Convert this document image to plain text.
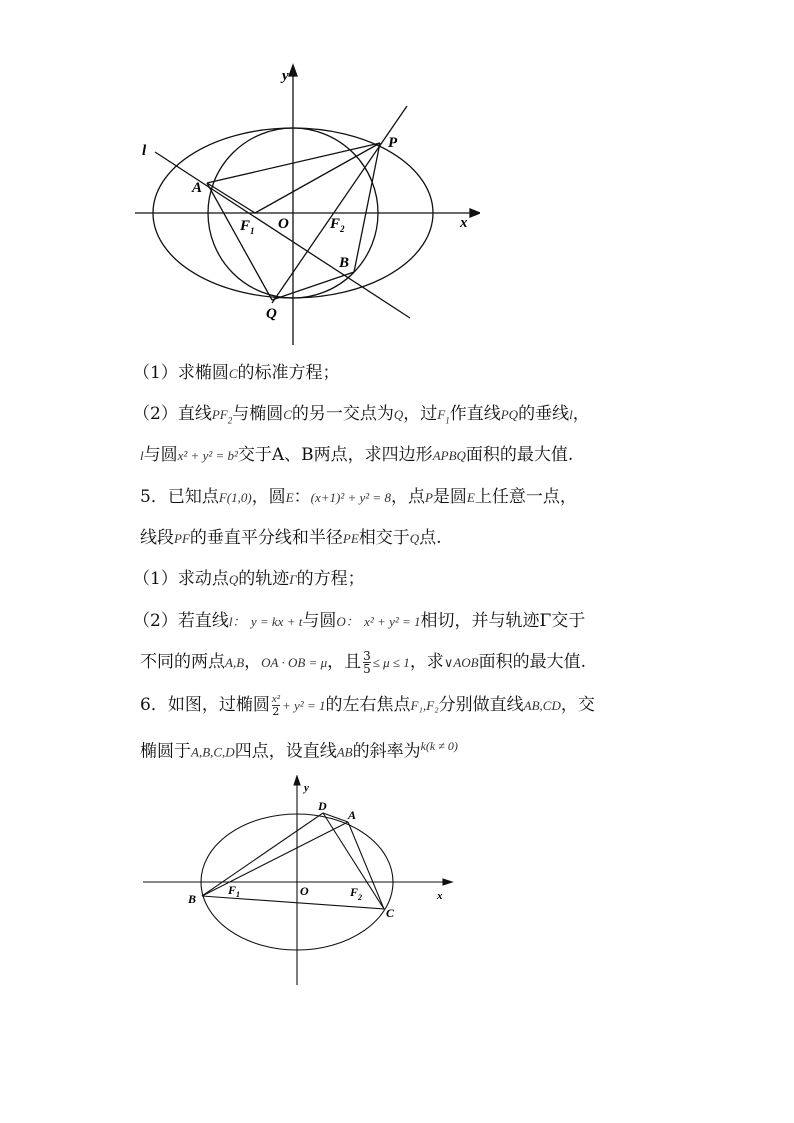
y
x
l	P
A
F 1 O	F 2
B
Q
（1）求椭圆C的标准方程；
（2）直线$PF_2$与椭圆C的另一交点为Q，过$F_1$作直线PQ的垂线l，
l与圆x² + y² = b²交于A、B两点，求四边形APBQ面积的最大值.
5．已知点F(1,0)，圆E：(x+1)² + y² = 8，点P是圆E上任意一点，
线段PF的垂直平分线和半径PE相交于Q点.
（1）求动点Q的轨迹Γ的方程；
（2）若直线l： y = kx + t与圆O： x² + y² = 1相切，并与轨迹Γ交于
不同的两点A,B，OA · OB = μ，且 $\frac{3}{5} \le \mu \le 1$，求∨AOB面积的最大值.
6．如图，过椭圆 $\frac{\text{x²}}{2} + y^2 = 1$的左右焦点F₁,F₂分别做直线AB,CD，交
椭圆于A,B,C,D四点，设直线AB的斜率为$^{k(k \ne 0)}$
y
x
D
A
B
F 1	O	F 2
C
